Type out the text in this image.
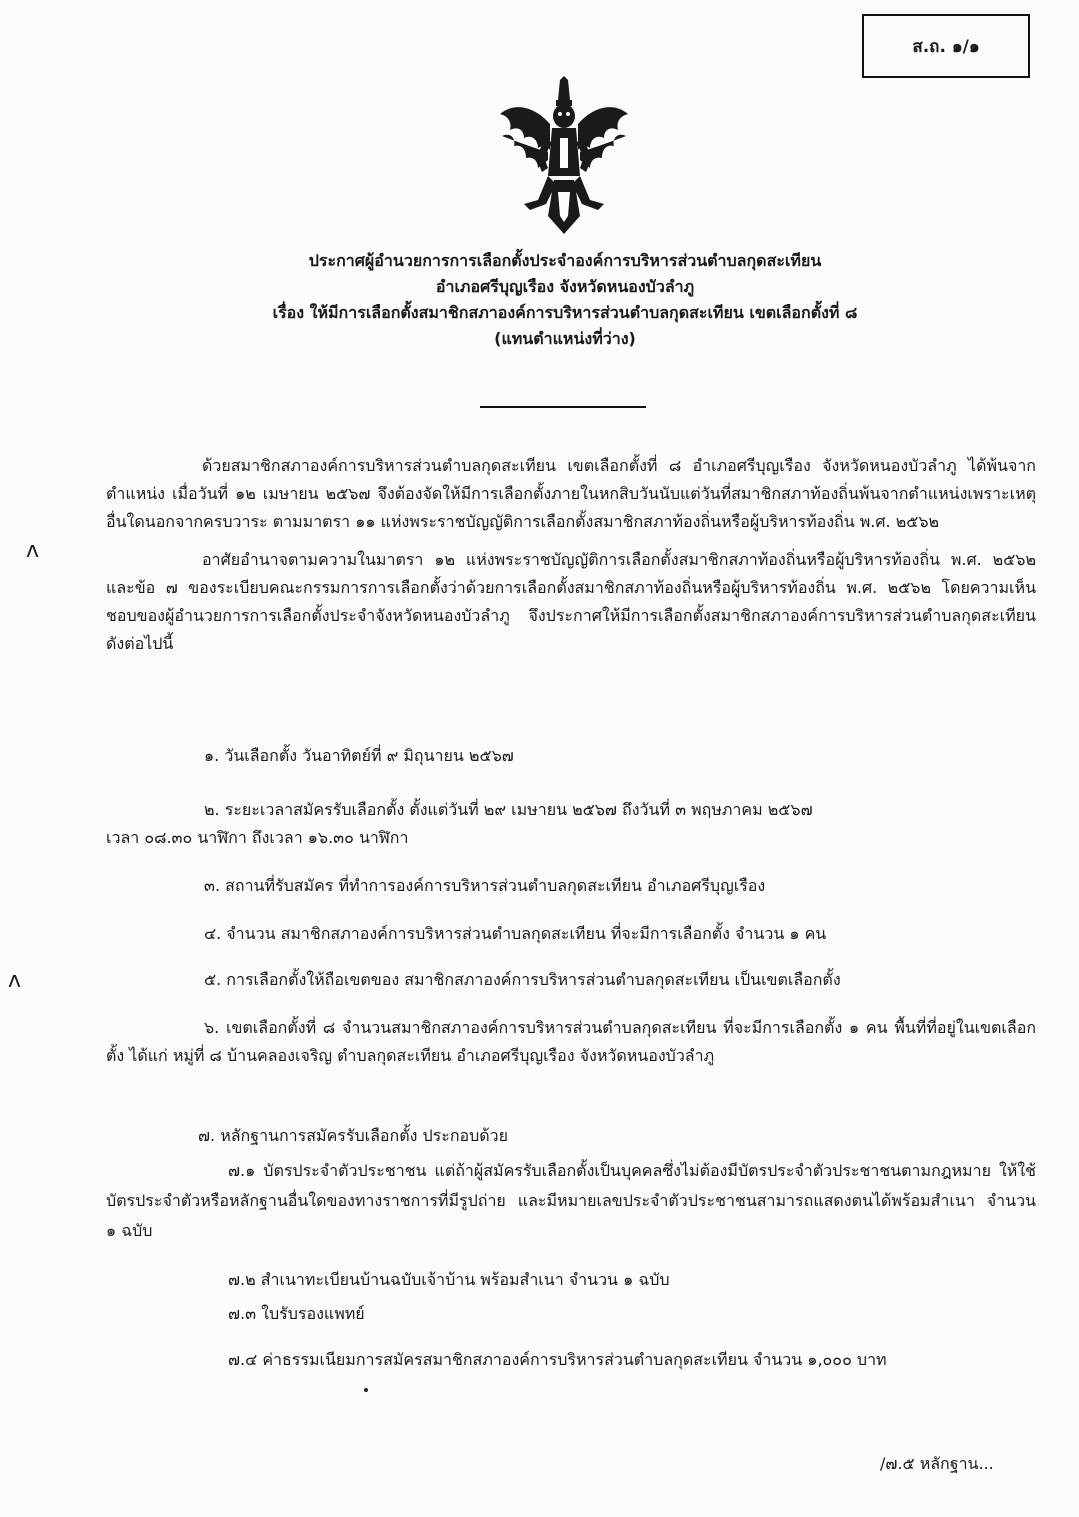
ส.ถ. ๑/๑
ประกาศผู้อำนวยการการเลือกตั้งประจำองค์การบริหารส่วนตำบลกุดสะเทียน
อำเภอศรีบุญเรือง จังหวัดหนองบัวลำภู
เรื่อง ให้มีการเลือกตั้งสมาชิกสภาองค์การบริหารส่วนตำบลกุดสะเทียน เขตเลือกตั้งที่ ๘
(แทนตำแหน่งที่ว่าง)

ด้วยสมาชิกสภาองค์การบริหารส่วนตำบลกุดสะเทียน เขตเลือกตั้งที่ ๘ อำเภอศรีบุญเรือง จังหวัดหนองบัวลำภู ได้พ้นจากตำแหน่ง เมื่อวันที่ ๑๒ เมษายน ๒๕๖๗ จึงต้องจัดให้มีการเลือกตั้งภายในหกสิบวันนับแต่วันที่สมาชิกสภาท้องถิ่นพ้นจากตำแหน่งเพราะเหตุอื่นใดนอกจากครบวาระ ตามมาตรา ๑๑ แห่งพระราชบัญญัติการเลือกตั้งสมาชิกสภาท้องถิ่นหรือผู้บริหารท้องถิ่น พ.ศ. ๒๕๖๒

อาศัยอำนาจตามความในมาตรา ๑๒ แห่งพระราชบัญญัติการเลือกตั้งสมาชิกสภาท้องถิ่นหรือผู้บริหารท้องถิ่น พ.ศ. ๒๕๖๒ และข้อ ๗ ของระเบียบคณะกรรมการการเลือกตั้งว่าด้วยการเลือกตั้งสมาชิกสภาท้องถิ่นหรือผู้บริหารท้องถิ่น พ.ศ. ๒๕๖๒ โดยความเห็นชอบของผู้อำนวยการการเลือกตั้งประจำจังหวัดหนองบัวลำภู จึงประกาศให้มีการเลือกตั้งสมาชิกสภาองค์การบริหารส่วนตำบลกุดสะเทียน ดังต่อไปนี้

๑. วันเลือกตั้ง วันอาทิตย์ที่ ๙ มิถุนายน ๒๕๖๗
๒. ระยะเวลาสมัครรับเลือกตั้ง ตั้งแต่วันที่ ๒๙ เมษายน ๒๕๖๗ ถึงวันที่ ๓ พฤษภาคม ๒๕๖๗
เวลา ๐๘.๓๐ นาฬิกา ถึงเวลา ๑๖.๓๐ นาฬิกา
๓. สถานที่รับสมัคร ที่ทำการองค์การบริหารส่วนตำบลกุดสะเทียน อำเภอศรีบุญเรือง
๔. จำนวน สมาชิกสภาองค์การบริหารส่วนตำบลกุดสะเทียน ที่จะมีการเลือกตั้ง จำนวน ๑ คน
๕. การเลือกตั้งให้ถือเขตของ สมาชิกสภาองค์การบริหารส่วนตำบลกุดสะเทียน เป็นเขตเลือกตั้ง
๖. เขตเลือกตั้งที่ ๘ จำนวนสมาชิกสภาองค์การบริหารส่วนตำบลกุดสะเทียน ที่จะมีการเลือกตั้ง ๑ คน พื้นที่ที่อยู่ในเขตเลือกตั้ง ได้แก่ หมู่ที่ ๘ บ้านคลองเจริญ ตำบลกุดสะเทียน อำเภอศรีบุญเรือง จังหวัดหนองบัวลำภู
๗. หลักฐานการสมัครรับเลือกตั้ง ประกอบด้วย
๗.๑ บัตรประจำตัวประชาชน แต่ถ้าผู้สมัครรับเลือกตั้งเป็นบุคคลซึ่งไม่ต้องมีบัตรประจำตัวประชาชนตามกฎหมาย ให้ใช้บัตรประจำตัวหรือหลักฐานอื่นใดของทางราชการที่มีรูปถ่าย และมีหมายเลขประจำตัวประชาชนสามารถแสดงตนได้พร้อมสำเนา จำนวน ๑ ฉบับ
๗.๒ สำเนาทะเบียนบ้านฉบับเจ้าบ้าน พร้อมสำเนา จำนวน ๑ ฉบับ
๗.๓ ใบรับรองแพทย์
๗.๔ ค่าธรรมเนียมการสมัครสมาชิกสภาองค์การบริหารส่วนตำบลกุดสะเทียน จำนวน ๑,๐๐๐ บาท
ʌ
ʌ
/๗.๕ หลักฐาน...
